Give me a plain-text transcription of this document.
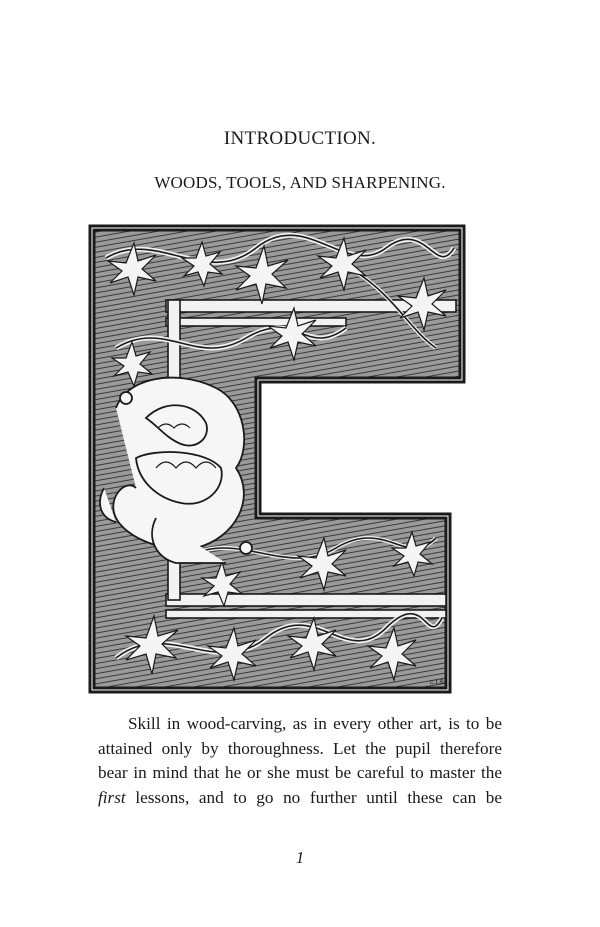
INTRODUCTION.
WOODS, TOOLS, AND SHARPENING.
c.t.&c.
Skill in wood-carving, as in every other art, is to be
attained only by thoroughness. Let the pupil therefore
bear in mind that he or she must be careful to master the
first lessons, and to go no further until these can be
1
